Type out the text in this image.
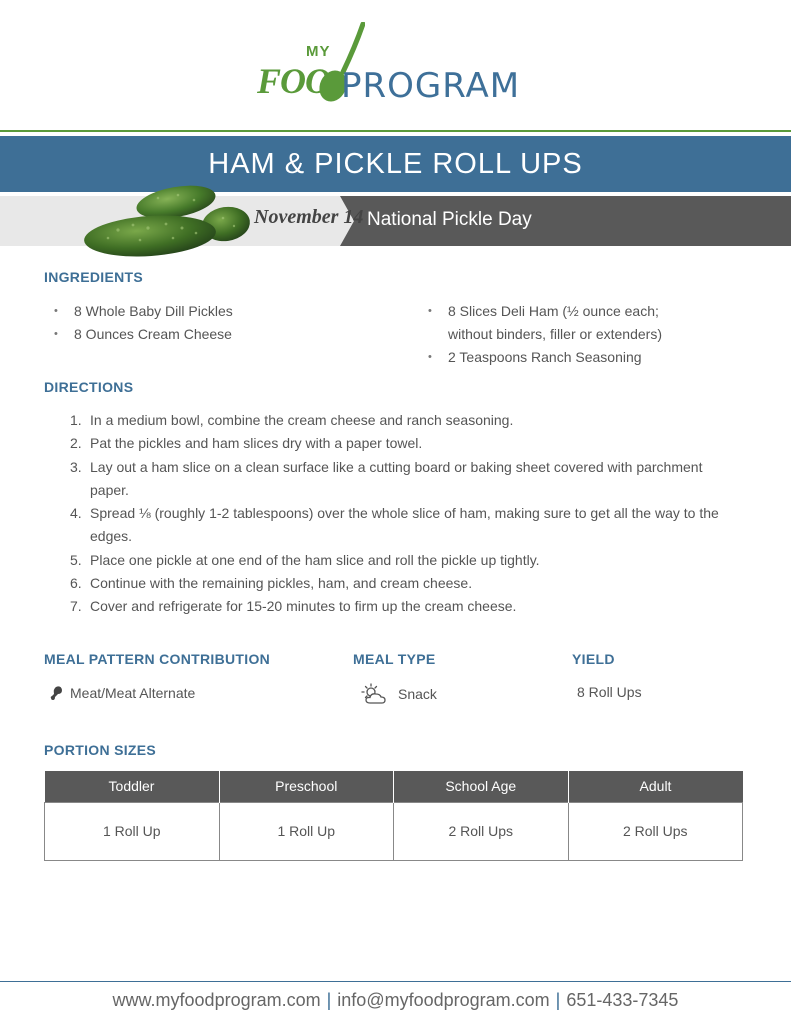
MY
FOO PROGRAM
HAM & PICKLE ROLL UPS
November 14 National Pickle Day
INGREDIENTS
• 8 Whole Baby Dill Pickles
• 8 Ounces Cream Cheese
• 8 Slices Deli Ham (½ ounce each; without binders, filler or extenders)
• 2 Teaspoons Ranch Seasoning
DIRECTIONS
1. In a medium bowl, combine the cream cheese and ranch seasoning.
2. Pat the pickles and ham slices dry with a paper towel.
3. Lay out a ham slice on a clean surface like a cutting board or baking sheet covered with parchment paper.
4. Spread ⅛ (roughly 1-2 tablespoons) over the whole slice of ham, making sure to get all the way to the edges.
5. Place one pickle at one end of the ham slice and roll the pickle up tightly.
6. Continue with the remaining pickles, ham, and cream cheese.
7. Cover and refrigerate for 15-20 minutes to firm up the cream cheese.
MEAL PATTERN CONTRIBUTION
Meat/Meat Alternate
MEAL TYPE
Snack
YIELD
8 Roll Ups
PORTION SIZES
Toddler	Preschool	School Age	Adult
1 Roll Up	1 Roll Up	2 Roll Ups	2 Roll Ups
www.myfoodprogram.com | info@myfoodprogram.com | 651-433-7345
